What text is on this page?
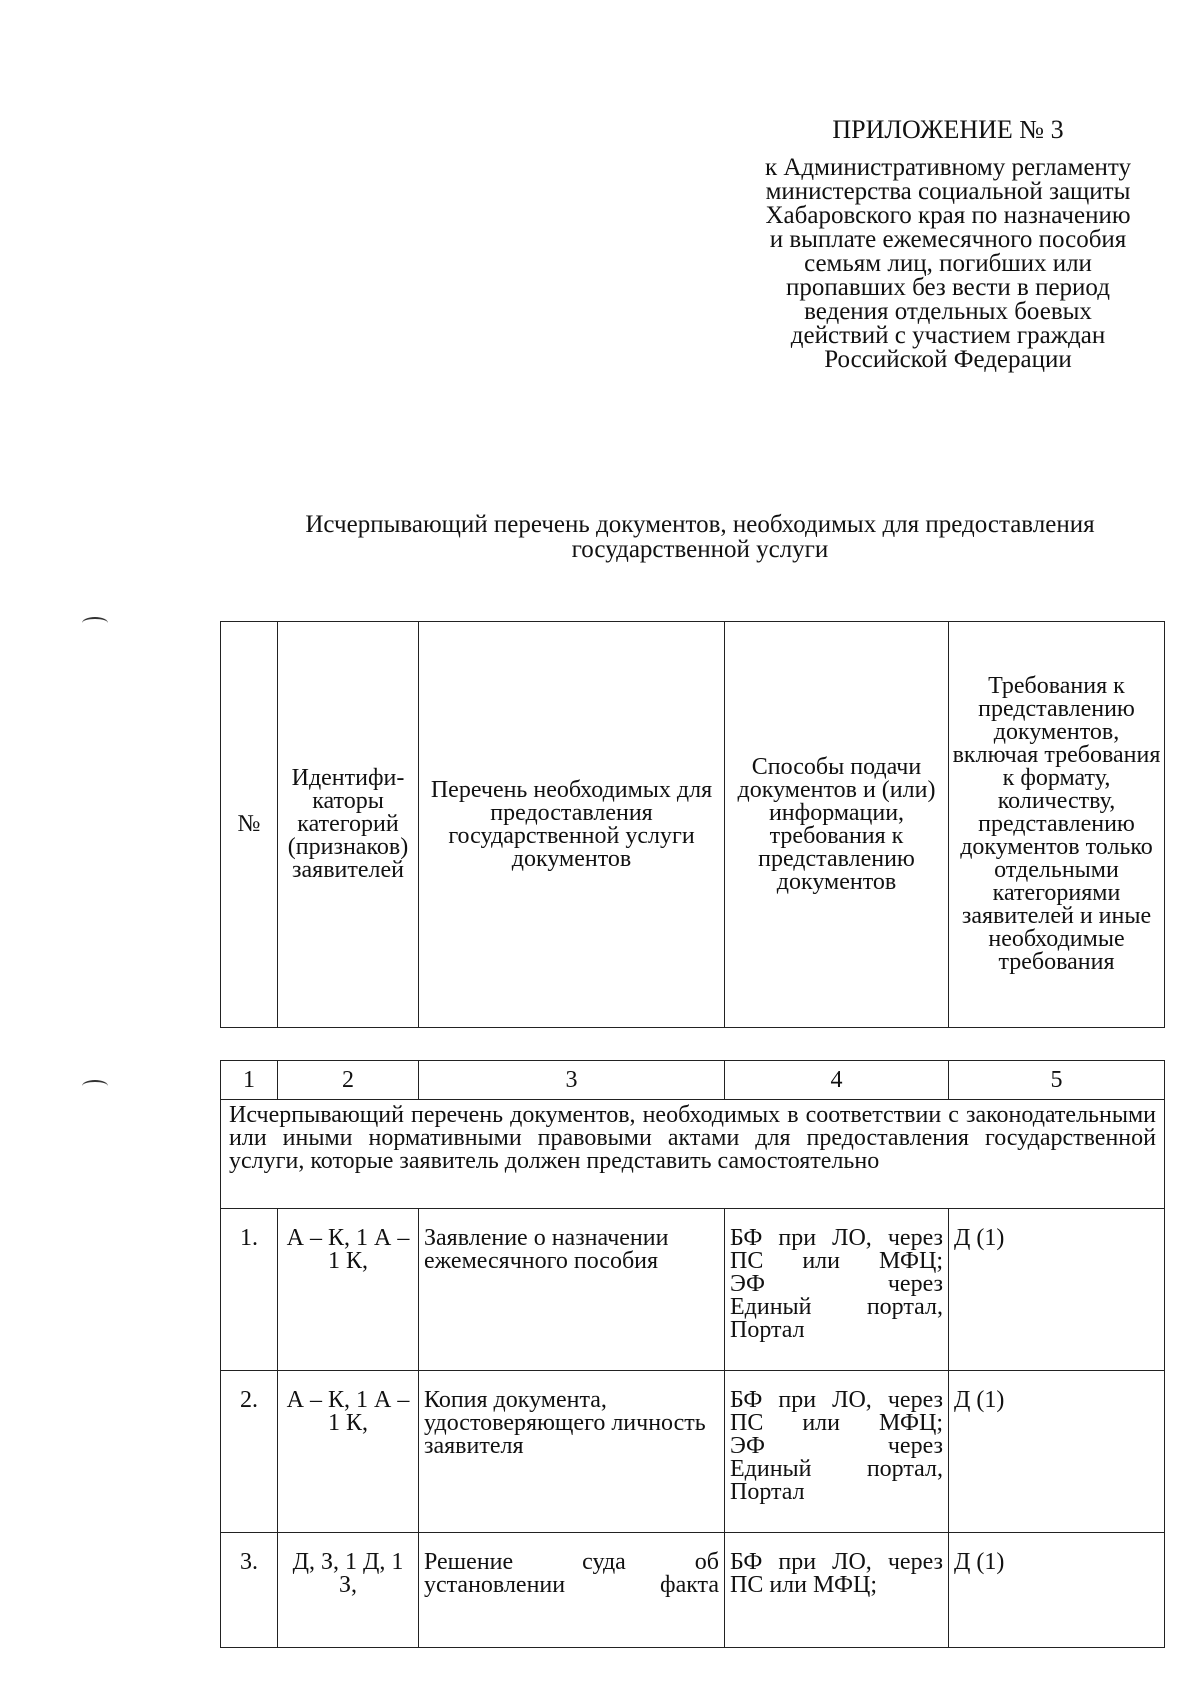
ПРИЛОЖЕНИЕ № 3
к Административному регламенту
министерства социальной защиты
Хабаровского края по назначению
и выплате ежемесячного пособия
семьям лиц, погибших или
пропавших без вести в период
ведения отдельных боевых
действий с участием граждан
Российской Федерации
Исчерпывающий перечень документов, необходимых для предоставления
государственной услуги
№	Идентифи-каторы категорий (признаков) заявителей	Перечень необходимых для предоставления государственной услуги документов	Способы подачи документов и (или) информации, требования к представлению документов	Требования к представлению документов, включая требования к формату, количеству, представлению документов только отдельными категориями заявителей и иные необходимые требования
1	2	3	4	5
Исчерпывающий перечень документов, необходимых в соответствии с законодательными или иными нормативными правовыми актами для предоставления государственной услуги, которые заявитель должен представить самостоятельно				
1.	А – К, 1 А – 1 К,	Заявление о назначении ежемесячного пособия	БФ при ЛО, через
ПС или МФЦ;
ЭФ через
Единый портал,
Портал	Д (1)
2.	А – К, 1 А – 1 К,	Копия документа, удостоверяющего личность заявителя	БФ при ЛО, через
ПС или МФЦ;
ЭФ через
Единый портал,
Портал	Д (1)
3.	Д, З, 1 Д, 1 З,	Решение суда об
установлении факта	БФ при ЛО, через
ПС или МФЦ;	Д (1)
